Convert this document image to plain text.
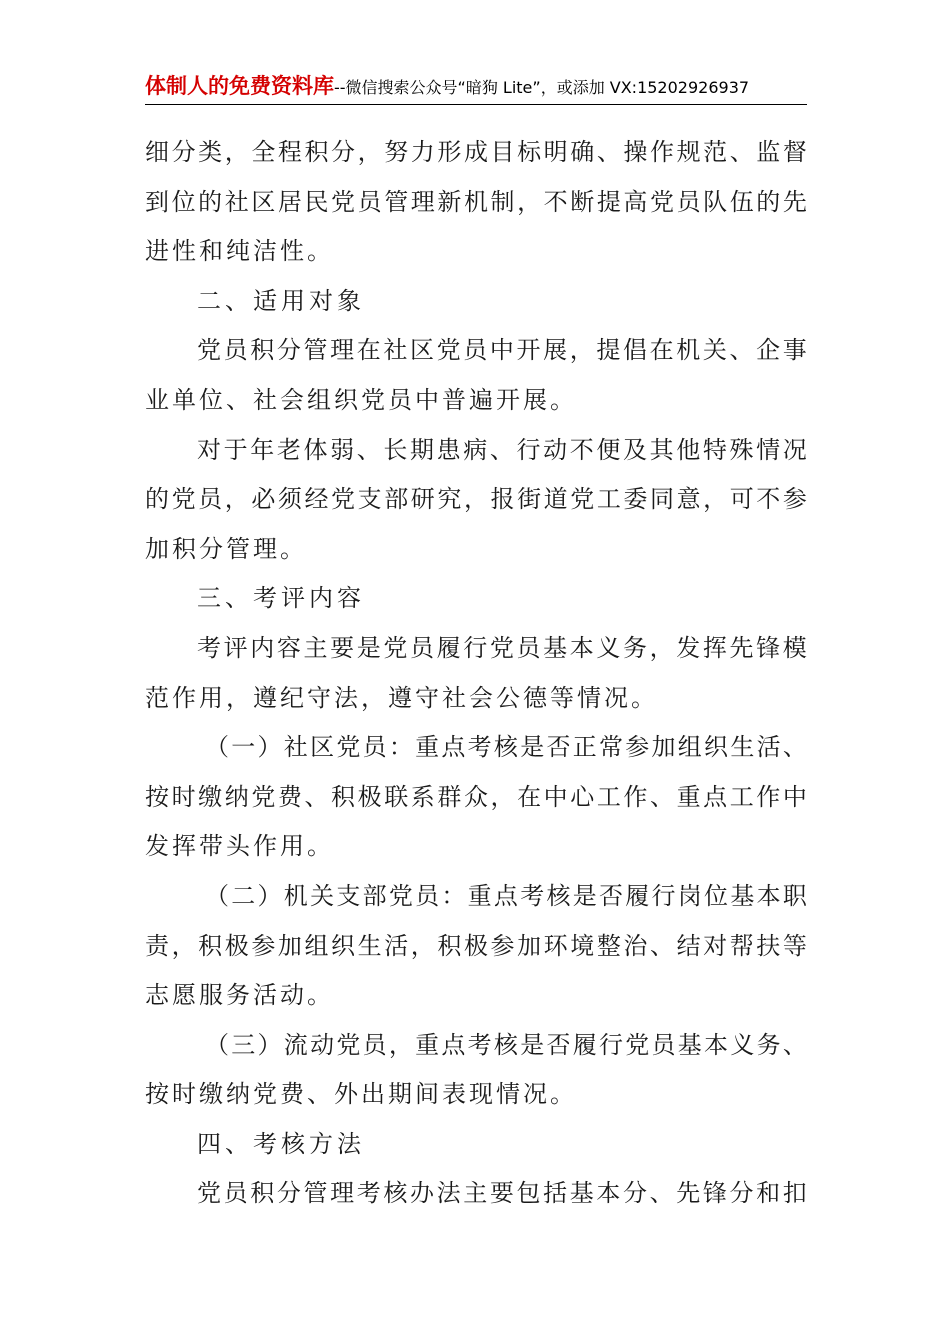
体制人的免费资料库--微信搜索公众号“暗狗 Lite”，或添加 VX:15202926937
细 分 类 ， 全 程 积 分 ， 努 力 形 成 目 标 明 确 、 操 作 规 范 、 监 督
到 位 的 社 区 居 民 党 员 管 理 新 机 制 ， 不 断 提 高 党 员 队 伍 的 先
进性和纯洁性。
二、适用对象
党 员 积 分 管 理 在 社 区 党 员 中 开 展 ， 提 倡 在 机 关 、 企 事
业单位、社会组织党员中普遍开展。
对 于 年 老 体 弱 、 长 期 患 病 、 行 动 不 便 及 其 他 特 殊 情 况
的 党 员 ， 必 须 经 党 支 部 研 究 ， 报 街 道 党 工 委 同 意 ， 可 不 参
加积分管理。
三、考评内容
考 评 内 容 主 要 是 党 员 履 行 党 员 基 本 义 务 ， 发 挥 先 锋 模
范作用，遵纪守法，遵守社会公德等情况。
（ 一 ） 社 区 党 员 ： 重 点 考 核 是 否 正 常 参 加 组 织 生 活 、
按 时 缴 纳 党 费 、 积 极 联 系 群 众 ， 在 中 心 工 作 、 重 点 工 作 中
发挥带头作用。
（ 二 ） 机 关 支 部 党 员 ： 重 点 考 核 是 否 履 行 岗 位 基 本 职
责 ， 积 极 参 加 组 织 生 活 ， 积 极 参 加 环 境 整 治 、 结 对 帮 扶 等
志愿服务活动。
（ 三 ） 流 动 党 员 ， 重 点 考 核 是 否 履 行 党 员 基 本 义 务 、
按时缴纳党费、外出期间表现情况。
四、考核方法
党 员 积 分 管 理 考 核 办 法 主 要 包 括 基 本 分 、 先 锋 分 和 扣
